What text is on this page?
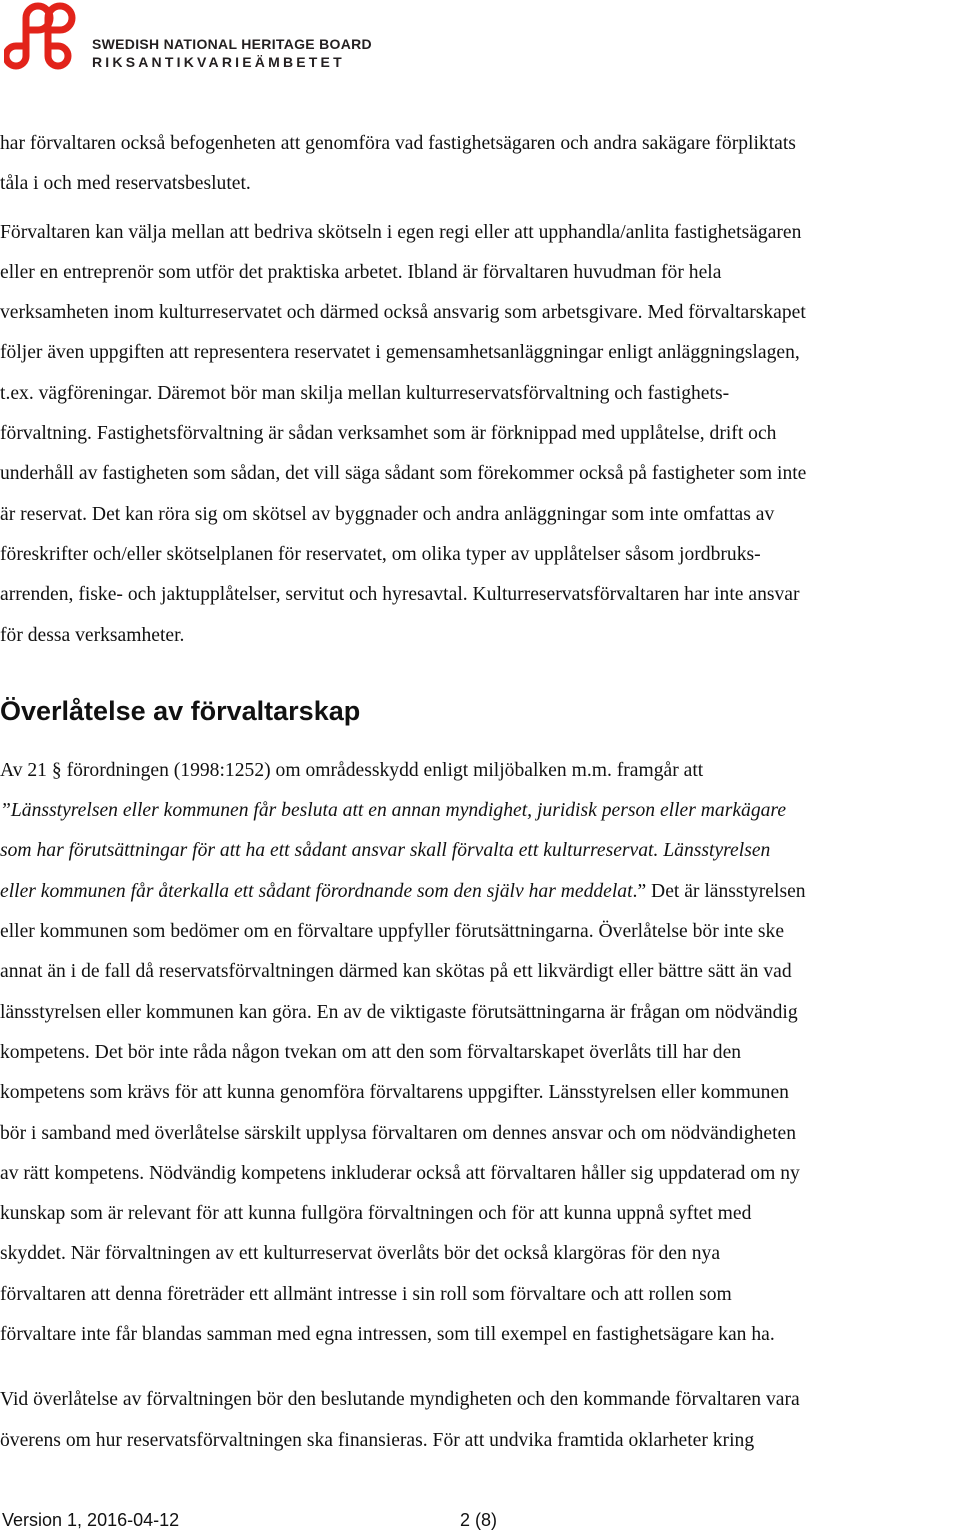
SWEDISH NATIONAL HERITAGE BOARD
RIKSANTIKVARIEÄMBETET

har förvaltaren också befogenheten att genomföra vad fastighetsägaren och andra sakägare förpliktats

tåla i och med reservatsbeslutet.

Förvaltaren kan välja mellan att bedriva skötseln i egen regi eller att upphandla/anlita fastighetsägaren

eller en entreprenör som utför det praktiska arbetet. Ibland är förvaltaren huvudman för hela

verksamheten inom kulturreservatet och därmed också ansvarig som arbetsgivare. Med förvaltarskapet

följer även uppgiften att representera reservatet i gemensamhetsanläggningar enligt anläggningslagen,

t.ex. vägföreningar. Däremot bör man skilja mellan kulturreservatsförvaltning och fastighets-

förvaltning. Fastighetsförvaltning är sådan verksamhet som är förknippad med upplåtelse, drift och

underhåll av fastigheten som sådan, det vill säga sådant som förekommer också på fastigheter som inte

är reservat. Det kan röra sig om skötsel av byggnader och andra anläggningar som inte omfattas av

föreskrifter och/eller skötselplanen för reservatet, om olika typer av upplåtelser såsom jordbruks-

arrenden, fiske- och jaktupplåtelser, servitut och hyresavtal. Kulturreservatsförvaltaren har inte ansvar

för dessa verksamheter.

Överlåtelse av förvaltarskap

Av 21 § förordningen (1998:1252) om områdesskydd enligt miljöbalken m.m. framgår att

”Länsstyrelsen eller kommunen får besluta att en annan myndighet, juridisk person eller markägare

som har förutsättningar för att ha ett sådant ansvar skall förvalta ett kulturreservat. Länsstyrelsen

eller kommunen får återkalla ett sådant förordnande som den själv har meddelat.” Det är länsstyrelsen

eller kommunen som bedömer om en förvaltare uppfyller förutsättningarna. Överlåtelse bör inte ske

annat än i de fall då reservatsförvaltningen därmed kan skötas på ett likvärdigt eller bättre sätt än vad

länsstyrelsen eller kommunen kan göra. En av de viktigaste förutsättningarna är frågan om nödvändig

kompetens. Det bör inte råda någon tvekan om att den som förvaltarskapet överlåts till har den

kompetens som krävs för att kunna genomföra förvaltarens uppgifter. Länsstyrelsen eller kommunen

bör i samband med överlåtelse särskilt upplysa förvaltaren om dennes ansvar och om nödvändigheten

av rätt kompetens. Nödvändig kompetens inkluderar också att förvaltaren håller sig uppdaterad om ny

kunskap som är relevant för att kunna fullgöra förvaltningen och för att kunna uppnå syftet med

skyddet. När förvaltningen av ett kulturreservat överlåts bör det också klargöras för den nya

förvaltaren att denna företräder ett allmänt intresse i sin roll som förvaltare och att rollen som

förvaltare inte får blandas samman med egna intressen, som till exempel en fastighetsägare kan ha.

Vid överlåtelse av förvaltningen bör den beslutande myndigheten och den kommande förvaltaren vara

överens om hur reservatsförvaltningen ska finansieras. För att undvika framtida oklarheter kring

Version 1, 2016-04-12	2 (8)
